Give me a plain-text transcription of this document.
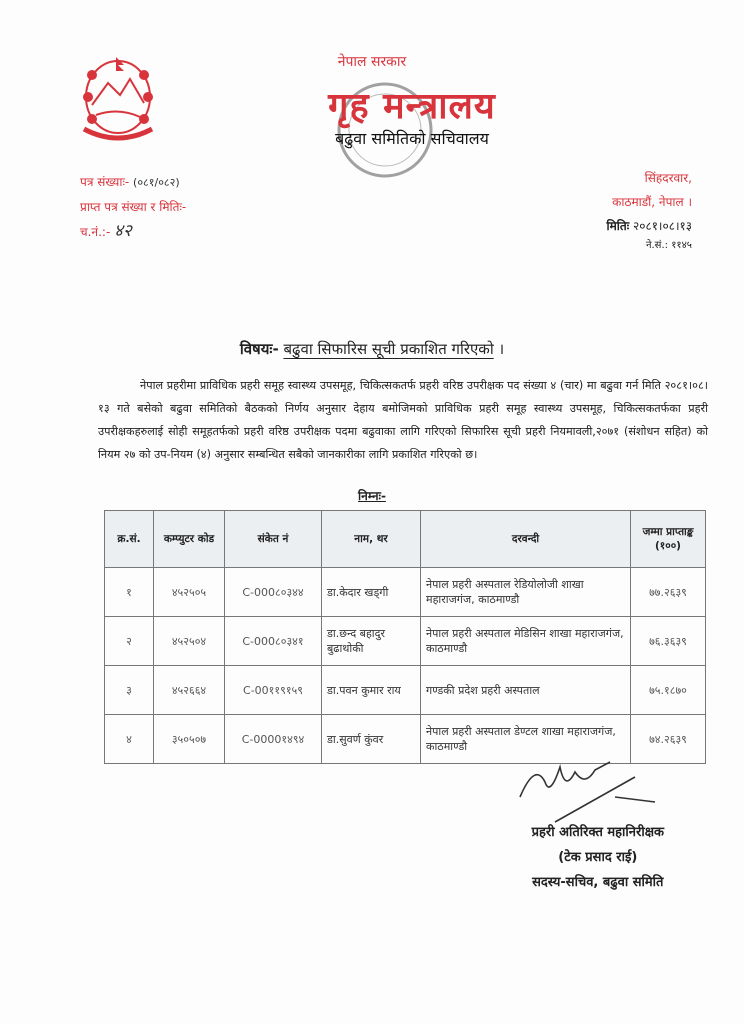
नेपाल सरकार
गृह मन्त्रालय
बढुवा समितिको सचिवालय
पत्र संख्याः- (०८१/०८२)
प्राप्त पत्र संख्या र मितिः-
च.नं.:- ४२
सिंहदरवार,
काठमाडौं, नेपाल ।
मितिः २०८१।०८।१३
ने.सं.: ११४५
विषयः- बढुवा सिफारिस सूची प्रकाशित गरिएको ।

नेपाल प्रहरीमा प्राविधिक प्रहरी समूह स्वास्थ्य उपसमूह, चिकित्सकतर्फ प्रहरी वरिष्ठ उपरीक्षक पद संख्या ४ (चार) मा बढुवा गर्न मिति २०८१।०८।१३ गते बसेको बढुवा समितिको बैठकको निर्णय अनुसार देहाय बमोजिमको प्राविधिक प्रहरी समूह स्वास्थ्य उपसमूह, चिकित्सकतर्फका प्रहरी उपरीक्षकहरुलाई सोही समूहतर्फको प्रहरी वरिष्ठ उपरीक्षक पदमा बढुवाका लागि गरिएको सिफारिस सूची प्रहरी नियमावली,२०७१ (संशोधन सहित) को नियम २७ को उप-नियम (४) अनुसार सम्बन्धित सबैको जानकारीका लागि प्रकाशित गरिएको छ।

निम्नः-
क्र.सं.	कम्प्युटर कोड	संकेत नं	नाम, थर	दरवन्दी	जम्मा प्राप्ताङ्क (१००)
१	४५२५०५	C-000८०३४४	डा.केदार खड्गी	नेपाल प्रहरी अस्पताल रेडियोलोजी शाखा महाराजगंज, काठमाण्डौ	७७.२६३९
२	४५२५०४	C-000८०३४१	डा.छन्द बहादुर बुढाथोकी	नेपाल प्रहरी अस्पताल मेडिसिन शाखा महाराजगंज, काठमाण्डौ	७६.३६३९
३	४५२६६४	C-00११९१५९	डा.पवन कुमार राय	गण्डकी प्रदेश प्रहरी अस्पताल	७५.१८७०
४	३५०५०७	C-0000१४९४	डा.सुवर्ण कुंवर	नेपाल प्रहरी अस्पताल डेण्टल शाखा महाराजगंज, काठमाण्डौ	७४.२६३९
प्रहरी अतिरिक्त महानिरीक्षक
(टेक प्रसाद राई)
सदस्य-सचिव, बढुवा समिति
